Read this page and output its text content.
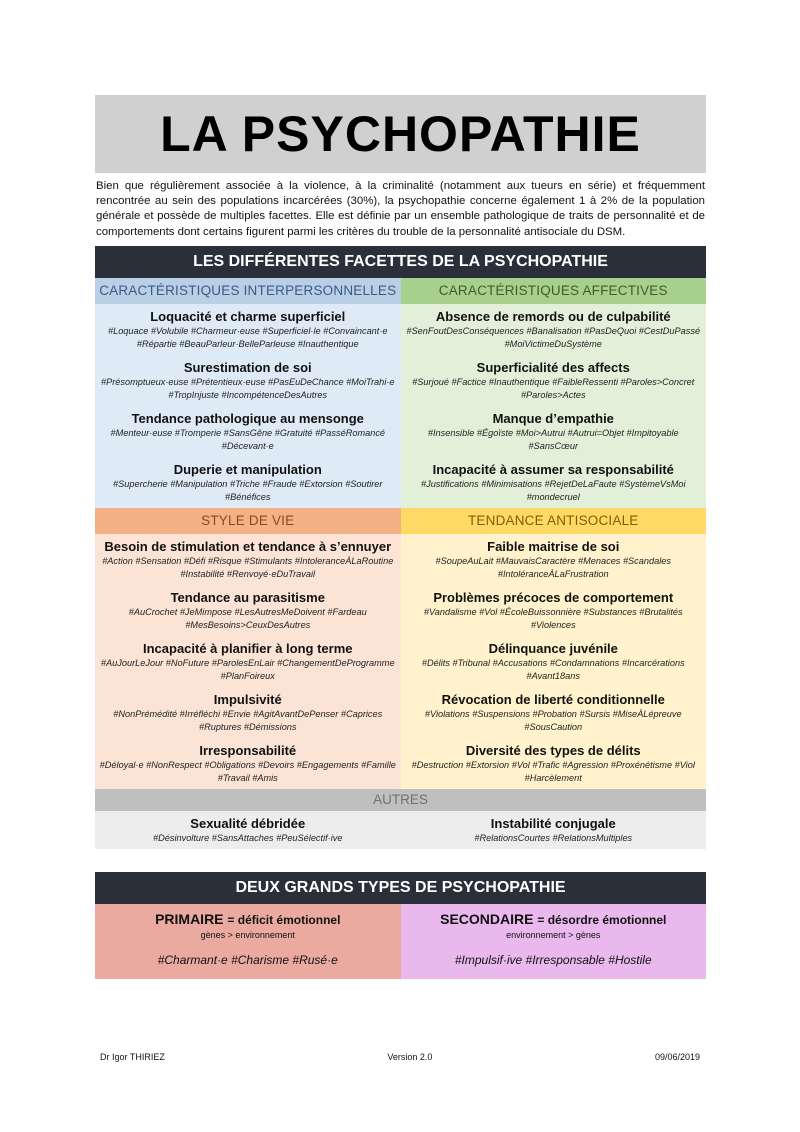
LA PSYCHOPATHIE

Bien que régulièrement associée à la violence, à la criminalité (notamment aux tueurs en série) et fréquemment rencontrée au sein des populations incarcérées (30%), la psychopathie concerne également 1 à 2% de la population générale et possède de multiples facettes. Elle est définie par un ensemble pathologique de traits de personnalité et de comportements dont certains figurent parmi les critères du trouble de la personnalité antisociale du DSM.

LES DIFFÉRENTES FACETTES DE LA PSYCHOPATHIE
CARACTÉRISTIQUES INTERPERSONNELLES	CARACTÉRISTIQUES AFFECTIVES
Loquacité et charme superficiel
#Loquace #Volubile #Charmeur·euse #Superficiel·le #Convaincant·e #Répartie #BeauParleur·BelleParleuse #Inauthentique
Surestimation de soi
#Présomptueux·euse #Prétentieux·euse #PasEuDeChance #MoiTrahi·e #TropInjuste #IncompétenceDesAutres
Tendance pathologique au mensonge
#Menteur·euse #Tromperie #SansGêne #Gratuité #PasséRomancé #Décevant·e
Duperie et manipulation
#Supercherie #Manipulation #Triche #Fraude #Extorsion #Soutirer #Bénéfices
Absence de remords ou de culpabilité
#SenFoutDesConséquences #Banalisation #PasDeQuoi #CestDuPassé #MoiVictimeDuSystème
Superficialité des affects
#Surjoué #Factice #Inauthentique #FaibleRessenti #Paroles>Concret #Paroles>Actes
Manque d’empathie
#Insensible #Égoïste #Moi>Autrui #Autrui=Objet #Impitoyable #SansCœur
Incapacité à assumer sa responsabilité
#Justifications #Minimisations #RejetDeLaFaute #SystèmeVsMoi #mondecruel
STYLE DE VIE	TENDANCE ANTISOCIALE
Besoin de stimulation et tendance à s’ennuyer
#Action #Sensation #Défi #Risque #Stimulants #IntoleranceÀLaRoutine #Instabilité #Renvoyé·eDuTravail
Tendance au parasitisme
#AuCrochet #JeMimpose #LesAutresMeDoivent #Fardeau #MesBesoins>CeuxDesAutres
Incapacité à planifier à long terme
#AuJourLeJour #NoFuture #ParolesEnLair #ChangementDeProgramme #PlanFoireux
Impulsivité
#NonPrémédité #Irréfléchi #Envie #AgitAvantDePenser #Caprices #Ruptures #Démissions
Irresponsabilité
#Déloyal·e #NonRespect #Obligations #Devoirs #Engagements #Famille #Travail #Amis
Faible maitrise de soi
#SoupeAuLait #MauvaisCaractère #Menaces #Scandales #IntoléranceÀLaFrustration
Problèmes précoces de comportement
#Vandalisme #Vol #ÉcoleBuissonnière #Substances #Brutalités #Violences
Délinquance juvénile
#Délits #Tribunal #Accusations #Condamnations #Incarcérations #Avant18ans
Révocation de liberté conditionnelle
#Violations #Suspensions #Probation #Sursis #MiseÀLépreuve #SousCaution
Diversité des types de délits
#Destruction #Extorsion #Vol #Trafic #Agression #Proxénétisme #Viol #Harcèlement
AUTRES
Sexualité débridée
#Désinvolture #SansAttaches #PeuSélectif·ive
Instabilité conjugale
#RelationsCourtes #RelationsMultiples
DEUX GRANDS TYPES DE PSYCHOPATHIE
PRIMAIRE = déficit émotionnel
gènes > environnement
#Charmant·e #Charisme #Rusé·e
SECONDAIRE = désordre émotionnel
environnement > gènes
#Impulsif·ive #Irresponsable #Hostile
Dr Igor THIRIEZ	Version 2.0	09/06/2019
